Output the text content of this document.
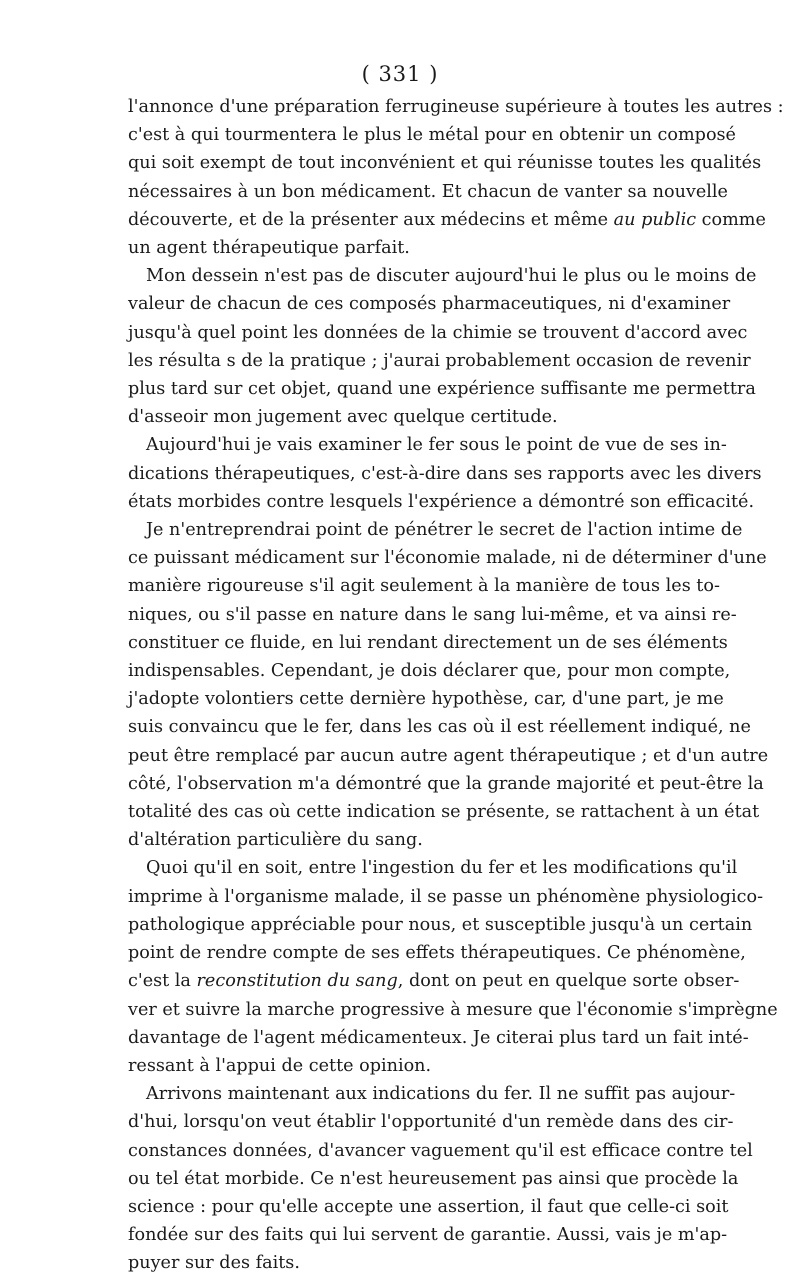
( 331 )
l'annonce d'une préparation ferrugineuse supérieure à toutes les autres :
c'est à qui tourmentera le plus le métal pour en obtenir un composé
qui soit exempt de tout inconvénient et qui réunisse toutes les qualités
nécessaires à un bon médicament. Et chacun de vanter sa nouvelle
découverte, et de la présenter aux médecins et même au public comme
un agent thérapeutique parfait.
Mon dessein n'est pas de discuter aujourd'hui le plus ou le moins de
valeur de chacun de ces composés pharmaceutiques, ni d'examiner
jusqu'à quel point les données de la chimie se trouvent d'accord avec
les résulta s de la pratique ; j'aurai probablement occasion de revenir
plus tard sur cet objet, quand une expérience suffisante me permettra
d'asseoir mon jugement avec quelque certitude.
Aujourd'hui je vais examiner le fer sous le point de vue de ses in-
dications thérapeutiques, c'est-à-dire dans ses rapports avec les divers
états morbides contre lesquels l'expérience a démontré son efficacité.
Je n'entreprendrai point de pénétrer le secret de l'action intime de
ce puissant médicament sur l'économie malade, ni de déterminer d'une
manière rigoureuse s'il agit seulement à la manière de tous les to-
niques, ou s'il passe en nature dans le sang lui-même, et va ainsi re-
constituer ce fluide, en lui rendant directement un de ses éléments
indispensables. Cependant, je dois déclarer que, pour mon compte,
j'adopte volontiers cette dernière hypothèse, car, d'une part, je me
suis convaincu que le fer, dans les cas où il est réellement indiqué, ne
peut être remplacé par aucun autre agent thérapeutique ; et d'un autre
côté, l'observation m'a démontré que la grande majorité et peut-être la
totalité des cas où cette indication se présente, se rattachent à un état
d'altération particulière du sang.
Quoi qu'il en soit, entre l'ingestion du fer et les modifications qu'il
imprime à l'organisme malade, il se passe un phénomène physiologico-
pathologique appréciable pour nous, et susceptible jusqu'à un certain
point de rendre compte de ses effets thérapeutiques. Ce phénomène,
c'est la reconstitution du sang, dont on peut en quelque sorte obser-
ver et suivre la marche progressive à mesure que l'économie s'imprègne
davantage de l'agent médicamenteux. Je citerai plus tard un fait inté-
ressant à l'appui de cette opinion.
Arrivons maintenant aux indications du fer. Il ne suffit pas aujour-
d'hui, lorsqu'on veut établir l'opportunité d'un remède dans des cir-
constances données, d'avancer vaguement qu'il est efficace contre tel
ou tel état morbide. Ce n'est heureusement pas ainsi que procède la
science : pour qu'elle accepte une assertion, il faut que celle-ci soit
fondée sur des faits qui lui servent de garantie. Aussi, vais je m'ap-
puyer sur des faits.
